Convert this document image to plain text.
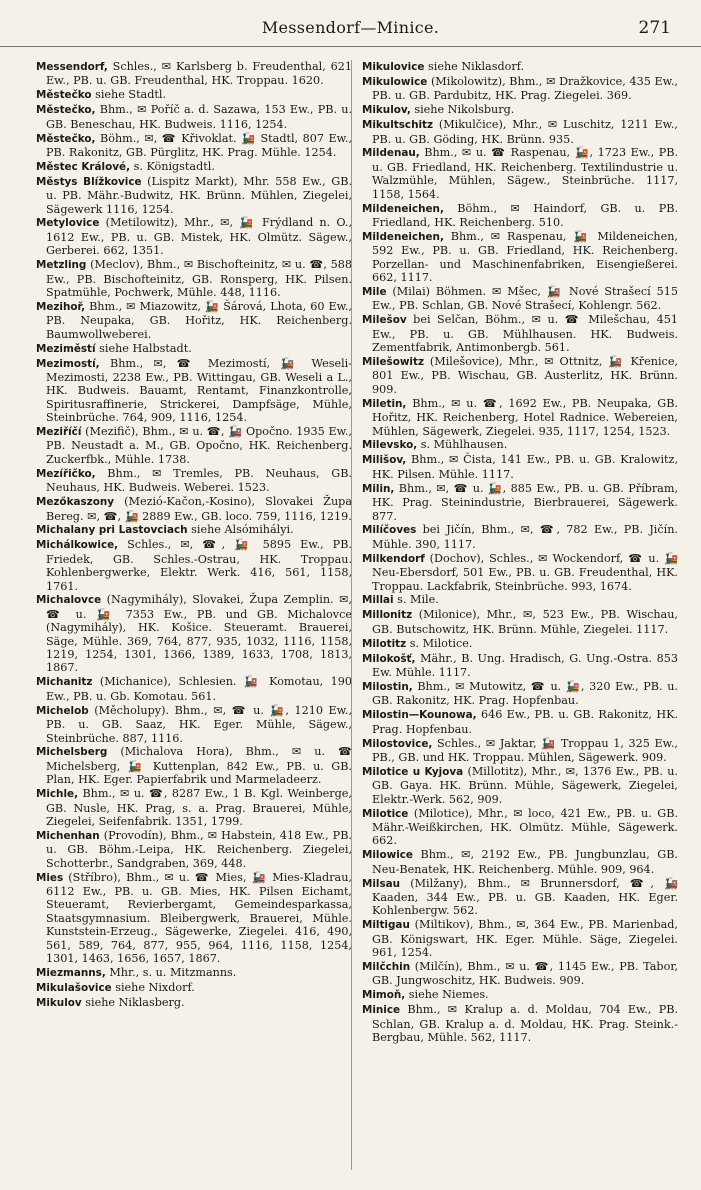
Messendorf—Minice.	271

Messendorf, Schles., ✉ Karlsberg b. Freudenthal, 621 Ew., PB. u. GB. Freudenthal, HK. Troppau. 1620.

Městečko siehe Stadtl.

Městečko, Bhm., ✉ Poříč a. d. Sazawa, 153 Ew., PB. u. GB. Beneschau, HK. Budweis. 1116, 1254.

Městečko, Böhm., ✉, ☎ Křivoklat. 🚂 Stadtl, 807 Ew., PB. Rakonitz, GB. Pürglitz, HK. Prag. Mühle. 1254.

Městec Králové, s. Königstadtl.

Městys Blížkovice (Lispitz Markt), Mhr. 558 Ew., GB. u. PB. Mähr.-Budwitz, HK. Brünn. Mühlen, Ziegelei, Sägewerk 1116, 1254.

Metylovice (Metilowitz), Mhr., ✉, 🚂 Frýdland n. O., 1612 Ew., PB. u. GB. Mistek, HK. Olmütz. Sägew., Gerberei. 662, 1351.

Metzling (Meclov), Bhm., ✉ Bischofteinitz, ✉ u. ☎, 588 Ew., PB. Bischofteinitz, GB. Ronsperg, HK. Pilsen. Spatmühle, Pochwerk, Mühle. 448, 1116.

Mezihoř, Bhm., ✉ Miazowitz, 🚂 Šárová, Lhota, 60 Ew., PB. Neupaka, GB. Hořitz, HK. Reichenberg. Baumwollweberei.

Meziměstí siehe Halbstadt.

Mezimostí, Bhm., ✉, ☎ Mezimostí, 🚂 Weseli-Mezimosti, 2238 Ew., PB. Wittingau, GB. Weseli a L., HK. Budweis. Bauamt, Rentamt, Finanzkontrolle, Spiritusraffinerie, Strickerei, Dampfsäge, Mühle, Steinbrüche. 764, 909, 1116, 1254.

Meziříčí (Mezifič), Bhm., ✉ u. ☎, 🚂 Opočno. 1935 Ew., PB. Neustadt a. M., GB. Opočno, HK. Reichenberg. Zuckerfbk., Mühle. 1738.

Mezířičko, Bhm., ✉ Tremles, PB. Neuhaus, GB. Neuhaus, HK. Budweis. Weberei. 1523.

Mezőkaszony (Mezió-Kačon,-Kosino), Slovakei Župa Bereg. ✉, ☎, 🚂 2889 Ew., GB. loco. 759, 1116, 1219.

Michalany pri Lastovciach siehe Alsómihályi.

Michálkowice, Schles., ✉, ☎, 🚂 5895 Ew., PB. Friedek, GB. Schles.-Ostrau, HK. Troppau. Kohlenbergwerke, Elektr. Werk. 416, 561, 1158, 1761.

Michalovce (Nagymihály), Slovakei, Župa Zemplin. ✉, ☎ u. 🚂 7353 Ew., PB. und GB. Michalovce (Nagymihály), HK. Košice. Steueramt. Brauerei, Säge, Mühle. 369, 764, 877, 935, 1032, 1116, 1158, 1219, 1254, 1301, 1366, 1389, 1633, 1708, 1813, 1867.

Michanitz (Michanice), Schlesien. 🚂 Komotau, 190 Ew., PB. u. Gb. Komotau. 561.

Michelob (Měcholupy). Bhm., ✉, ☎ u. 🚂, 1210 Ew., PB. u. GB. Saaz, HK. Eger. Mühle, Sägew., Steinbrüche. 887, 1116.

Michelsberg (Michalova Hora), Bhm., ✉ u. ☎ Michelsberg, 🚂 Kuttenplan, 842 Ew., PB. u. GB. Plan, HK. Eger. Papierfabrik und Marmeladeerz.

Michle, Bhm., ✉ u. ☎, 8287 Ew., 1 B. Kgl. Weinberge, GB. Nusle, HK. Prag, s. a. Prag. Brauerei, Mühle, Ziegelei, Seifenfabrik. 1351, 1799.

Michenhan (Provodín), Bhm., ✉ Habstein, 418 Ew., PB. u. GB. Böhm.-Leipa, HK. Reichenberg. Ziegelei, Schotterbr., Sandgraben, 369, 448.

Mies (Stříbro), Bhm., ✉ u. ☎ Mies, 🚂 Mies-Kladrau, 6112 Ew., PB. u. GB. Mies, HK. Pilsen Eichamt, Steueramt, Revierbergamt, Gemeindesparkassa, Staatsgymnasium. Bleibergwerk, Brauerei, Mühle. Kunststein-Erzeug., Sägewerke, Ziegelei. 416, 490, 561, 589, 764, 877, 955, 964, 1116, 1158, 1254, 1301, 1463, 1656, 1657, 1867.

Miezmanns, Mhr., s. u. Mitzmanns.

Mikulašovice siehe Nixdorf.

Mikulov siehe Niklasberg.

Mikulovice siehe Niklasdorf.

Mikulowice (Mikolowitz), Bhm., ✉ Dražkovice, 435 Ew., PB. u. GB. Pardubitz, HK. Prag. Ziegelei. 369.

Mikulov, siehe Nikolsburg.

Mikultschitz (Mikulčice), Mhr., ✉ Luschitz, 1211 Ew., PB. u. GB. Göding, HK. Brünn. 935.

Mildenau, Bhm., ✉ u. ☎ Raspenau, 🚂, 1723 Ew., PB. u. GB. Friedland, HK. Reichenberg. Textilindustrie u. Walzmühle, Mühlen, Sägew., Steinbrüche. 1117, 1158, 1564.

Mildeneichen, Böhm., ✉ Haindorf, GB. u. PB. Friedland, HK. Reichenberg. 510.

Mildeneichen, Bhm., ✉ Raspenau, 🚂 Mildeneichen, 592 Ew., PB. u. GB. Friedland, HK. Reichenberg. Porzellan- und Maschinenfabriken, Eisengießerei. 662, 1117.

Mile (Milai) Böhmen. ✉ Mšec, 🚂 Nové Strašecí 515 Ew., PB. Schlan, GB. Nové Strašecí, Kohlengr. 562.

Milešov bei Selčan, Böhm., ✉ u. ☎ Milešchau, 451 Ew., PB. u. GB. Mühlhausen. HK. Budweis. Zementfabrik, Antimonbergb. 561.

Milešowitz (Milešovice), Mhr., ✉ Ottnitz, 🚂 Křenice, 801 Ew., PB. Wischau, GB. Austerlitz, HK. Brünn. 909.

Miletin, Bhm., ✉ u. ☎, 1692 Ew., PB. Neupaka, GB. Hořitz, HK. Reichenberg, Hotel Radnice. Webereien, Mühlen, Sägewerk, Ziegelei. 935, 1117, 1254, 1523.

Milevsko, s. Mühlhausen.

Milišov, Bhm., ✉ Čista, 141 Ew., PB. u. GB. Kralowitz, HK. Pilsen. Mühle. 1117.

Milin, Bhm., ✉, ☎ u. 🚂, 885 Ew., PB. u. GB. Příbram, HK. Prag. Steinindustrie, Bierbrauerei, Sägewerk. 877.

Milíčoves bei Jičín, Bhm., ✉, ☎, 782 Ew., PB. Jičín. Mühle. 390, 1117.

Milkendorf (Dochov), Schles., ✉ Wockendorf, ☎ u. 🚂 Neu-Ebersdorf, 501 Ew., PB. u. GB. Freudenthal, HK. Troppau. Lackfabrik, Steinbrüche. 993, 1674.

Millai s. Mile.

Millonitz (Milonice), Mhr., ✉, 523 Ew., PB. Wischau, GB. Butschowitz, HK. Brünn. Mühle, Ziegelei. 1117.

Milotitz s. Milotice.

Milokošť, Mähr., B. Ung. Hradisch, G. Ung.-Ostra. 853 Ew. Mühle. 1117.

Milostin, Bhm., ✉ Mutowitz, ☎ u. 🚂, 320 Ew., PB. u. GB. Rakonitz, HK. Prag. Hopfenbau.

Milostin—Kounowa, 646 Ew., PB. u. GB. Rakonitz, HK. Prag. Hopfenbau.

Milostovice, Schles., ✉ Jaktar, 🚂 Troppau 1, 325 Ew., PB., GB. und HK. Troppau. Mühlen, Sägewerk. 909.

Milotice u Kyjova (Millotitz), Mhr., ✉, 1376 Ew., PB. u. GB. Gaya. HK. Brünn. Mühle, Sägewerk, Ziegelei, Elektr.-Werk. 562, 909.

Milotice (Milotice), Mhr., ✉ loco, 421 Ew., PB. u. GB. Mähr.-Weißkirchen, HK. Olmütz. Mühle, Sägewerk. 662.

Milowice Bhm., ✉, 2192 Ew., PB. Jungbunzlau, GB. Neu-Benatek, HK. Reichenberg. Mühle. 909, 964.

Milsau (Milžany), Bhm., ✉ Brunnersdorf, ☎, 🚂 Kaaden, 344 Ew., PB. u. GB. Kaaden, HK. Eger. Kohlenbergw. 562.

Miltigau (Miltikov), Bhm., ✉, 364 Ew., PB. Marienbad, GB. Königswart, HK. Eger. Mühle. Säge, Ziegelei. 961, 1254.

Milčchin (Milčín), Bhm., ✉ u. ☎, 1145 Ew., PB. Tabor, GB. Jungwoschitz, HK. Budweis. 909.

Mimoň, siehe Niemes.

Minice Bhm., ✉ Kralup a. d. Moldau, 704 Ew., PB. Schlan, GB. Kralup a. d. Moldau, HK. Prag. Steink.-Bergbau, Mühle. 562, 1117.
